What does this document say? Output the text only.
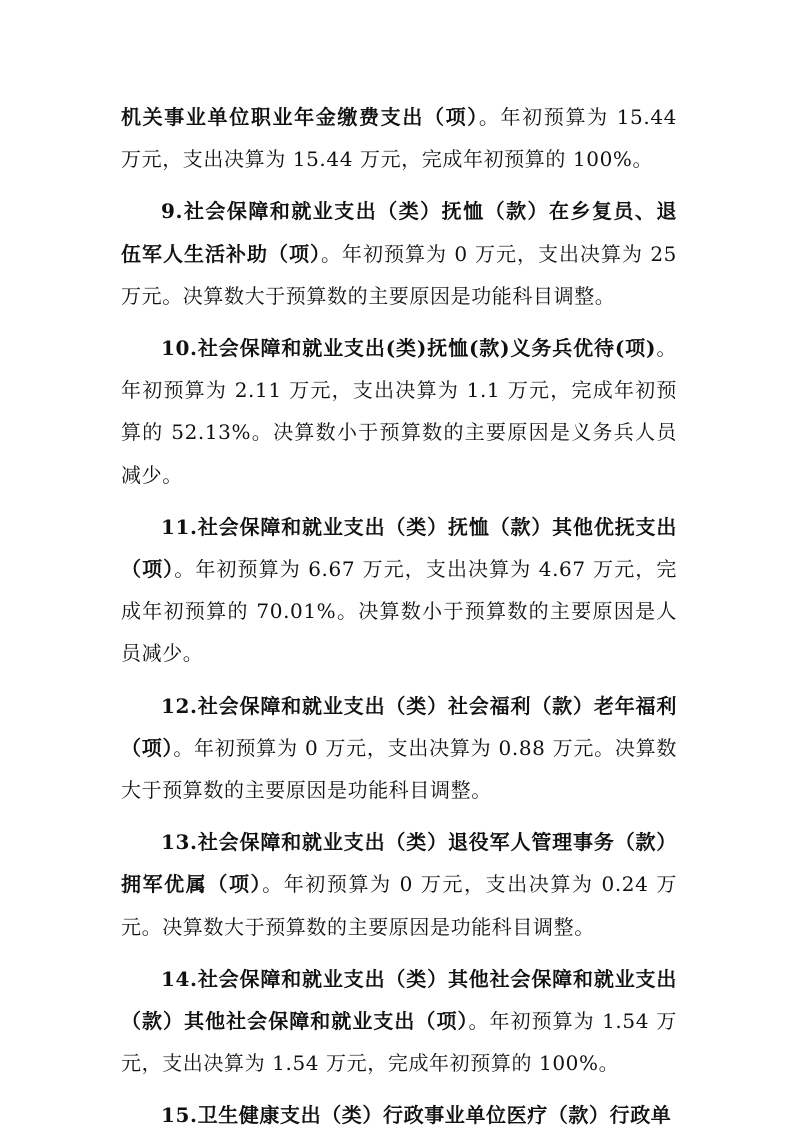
机关事业单位职业年金缴费支出（项）。年初预算为 15.44 万元，支出决算为 15.44 万元，完成年初预算的 100%。

9.社会保障和就业支出（类）抚恤（款）在乡复员、退伍军人生活补助（项）。年初预算为 0 万元，支出决算为 25 万元。决算数大于预算数的主要原因是功能科目调整。

10.社会保障和就业支出(类)抚恤(款)义务兵优待(项)。年初预算为 2.11 万元，支出决算为 1.1 万元，完成年初预算的 52.13%。决算数小于预算数的主要原因是义务兵人员减少。

11.社会保障和就业支出（类）抚恤（款）其他优抚支出（项）。年初预算为 6.67 万元，支出决算为 4.67 万元，完成年初预算的 70.01%。决算数小于预算数的主要原因是人员减少。

12.社会保障和就业支出（类）社会福利（款）老年福利（项）。年初预算为 0 万元，支出决算为 0.88 万元。决算数大于预算数的主要原因是功能科目调整。

13.社会保障和就业支出（类）退役军人管理事务（款）拥军优属（项）。年初预算为 0 万元，支出决算为 0.24 万元。决算数大于预算数的主要原因是功能科目调整。

14.社会保障和就业支出（类）其他社会保障和就业支出（款）其他社会保障和就业支出（项）。年初预算为 1.54 万元，支出决算为 1.54 万元，完成年初预算的 100%。

15.卫生健康支出（类）行政事业单位医疗（款）行政单
